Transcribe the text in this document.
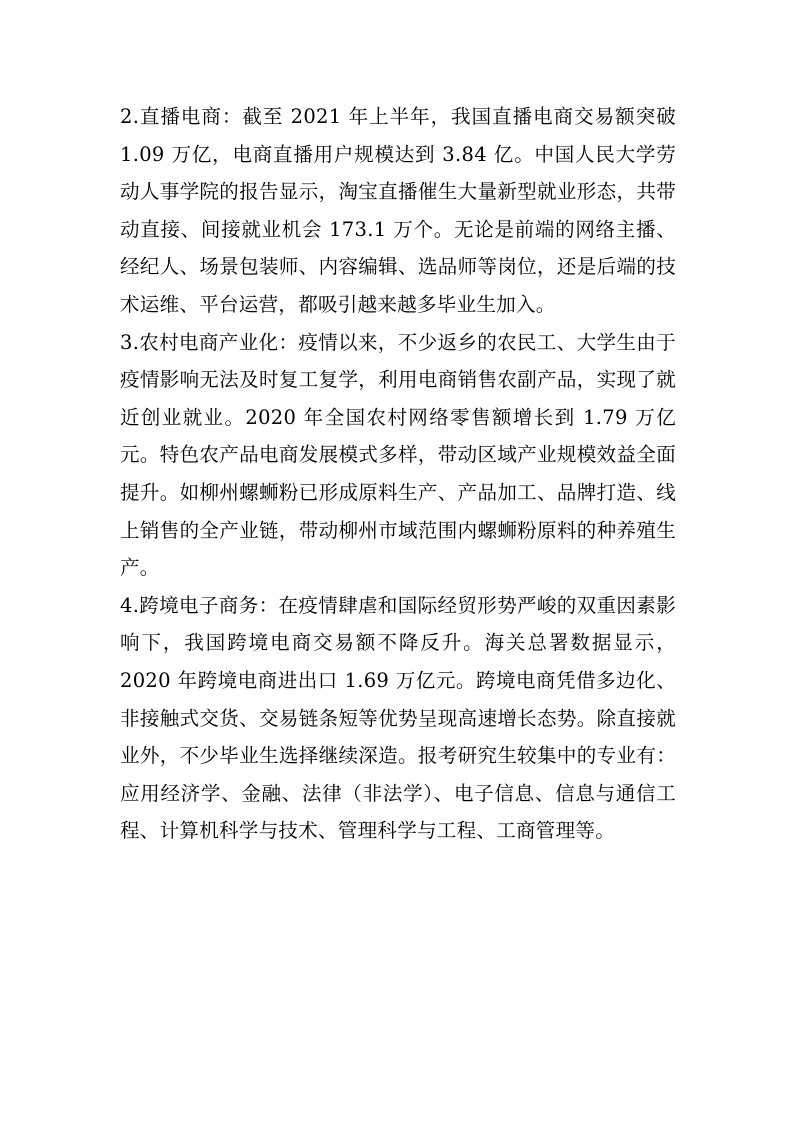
2.直播电商：截至 2021 年上半年，我国直播电商交易额突破 1.09 万亿，电商直播用户规模达到 3.84 亿。中国人民大学劳动人事学院的报告显示，淘宝直播催生大量新型就业形态，共带动直接、间接就业机会 173.1 万个。无论是前端的网络主播、经纪人、场景包装师、内容编辑、选品师等岗位，还是后端的技术运维、平台运营，都吸引越来越多毕业生加入。

3.农村电商产业化：疫情以来，不少返乡的农民工、大学生由于疫情影响无法及时复工复学，利用电商销售农副产品，实现了就近创业就业。2020 年全国农村网络零售额增长到 1.79 万亿元。特色农产品电商发展模式多样，带动区域产业规模效益全面提升。如柳州螺蛳粉已形成原料生产、产品加工、品牌打造、线上销售的全产业链，带动柳州市域范围内螺蛳粉原料的种养殖生产。

4.跨境电子商务：在疫情肆虐和国际经贸形势严峻的双重因素影响下，我国跨境电商交易额不降反升。海关总署数据显示，2020 年跨境电商进出口 1.69 万亿元。跨境电商凭借多边化、非接触式交货、交易链条短等优势呈现高速增长态势。除直接就业外，不少毕业生选择继续深造。报考研究生较集中的专业有：应用经济学、金融、法律（非法学）、电子信息、信息与通信工程、计算机科学与技术、管理科学与工程、工商管理等。
